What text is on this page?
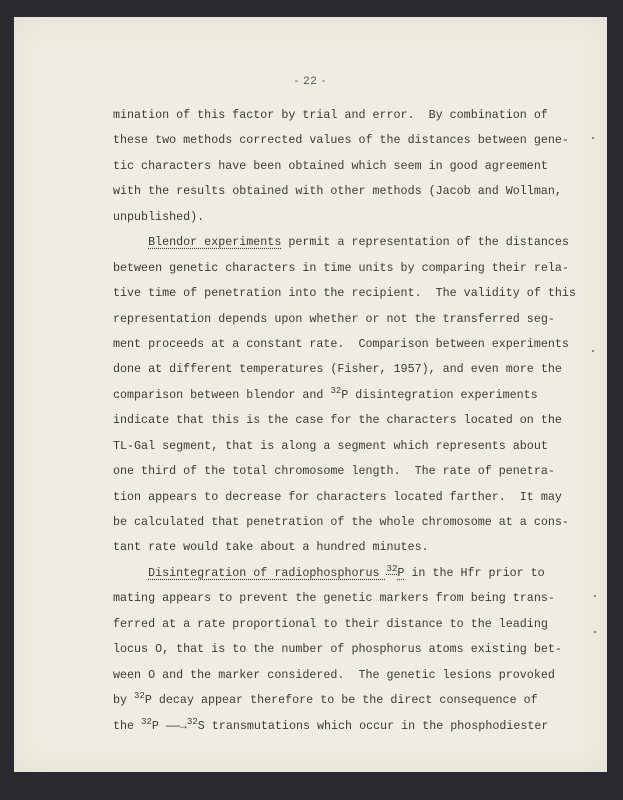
- 22 -
mination of this factor by trial and error.  By combination of
these two methods corrected values of the distances between gene-
tic characters have been obtained which seem in good agreement
with the results obtained with other methods (Jacob and Wollman,
unpublished).
Blendor experiments permit a representation of the distances
between genetic characters in time units by comparing their rela-
tive time of penetration into the recipient.  The validity of this
representation depends upon whether or not the transferred seg-
ment proceeds at a constant rate.  Comparison between experiments
done at different temperatures (Fisher, 1957), and even more the
comparison between blendor and $^{32}$P disintegration experiments
indicate that this is the case for the characters located on the
TL-Gal segment, that is along a segment which represents about
one third of the total chromosome length.  The rate of penetra-
tion appears to decrease for characters located farther.  It may
be calculated that penetration of the whole chromosome at a cons-
tant rate would take about a hundred minutes.
Disintegration of radiophosphorus $^{32}$P in the Hfr prior to
mating appears to prevent the genetic markers from being trans-
ferred at a rate proportional to their distance to the leading
locus O, that is to the number of phosphorus atoms existing bet-
ween O and the marker considered.  The genetic lesions provoked
by $^{32}$P decay appear therefore to be the direct consequence of
the $^{32}$P ——→$^{32}$S transmutations which occur in the phosphodiester
